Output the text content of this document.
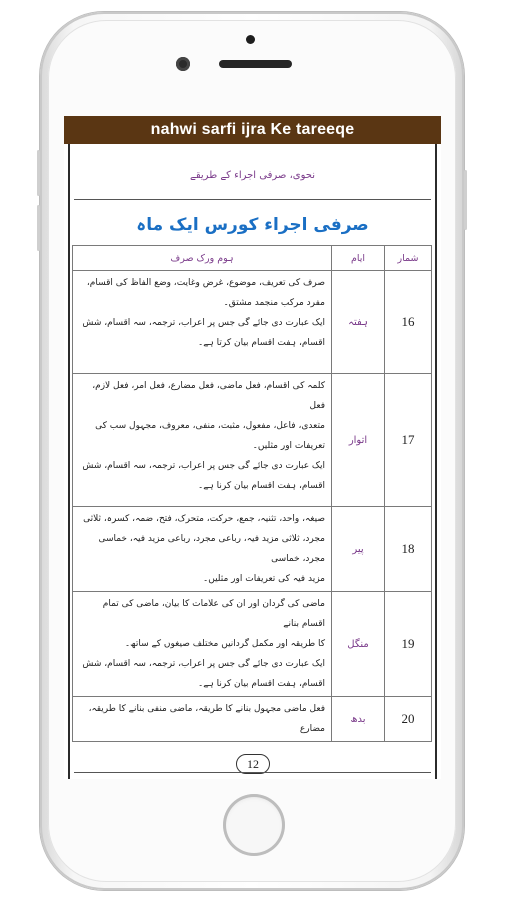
nahwi sarfi ijra Ke tareeqe
نحوی، صرفی اجراء کے طریقے
صرفی اجراء کورس ایک ماہ
شمار	ایام	ہوم ورک صرف
16	ہفتہ	صرف کی تعریف، موضوع، غرض وغایت، وضع الفاظ کی اقسام،

مفرد مرکب منجمد مشتق۔

ایک عبارت دی جائے گی جس پر اعراب، ترجمہ، سہ اقسام، شش

اقسام، ہفت اقسام بیان کرتا ہے۔

17	اتوار	کلمہ کی اقسام، فعل ماضی، فعل مضارع، فعل امر، فعل لازم، فعل

متعدی، فاعل، مفعول، مثبت، منفی، معروف، مجہول سب کی

تعریفات اور مثلیں۔

ایک عبارت دی جائے گی جس پر اعراب، ترجمہ، سہ اقسام، شش

اقسام، ہفت اقسام بیان کرنا ہے۔

18	پیر	صیغہ، واحد، تثنیہ، جمع، حرکت، متحرک، فتح، ضمہ، کسرہ، ثلاثی

مجرد، ثلاثی مزید فیہ، رباعی مجرد، رباعی مزید فیہ، خماسی مجرد، خماسی

مزید فیہ کی تعریفات اور مثلیں۔

19	منگل	ماضی کی گردان اور ان کی علامات کا بیان، ماضی کی تمام اقسام بنانے

کا طریقہ اور مکمل گردانیں مختلف صیغوں کے ساتھ۔

ایک عبارت دی جائے گی جس پر اعراب، ترجمہ، سہ اقسام، شش

اقسام، ہفت اقسام بیان کرنا ہے۔

20	بدھ	فعل ماضی مجہول بنانے کا طریقہ، ماضی منفی بنانے کا طریقہ، مضارع

12
